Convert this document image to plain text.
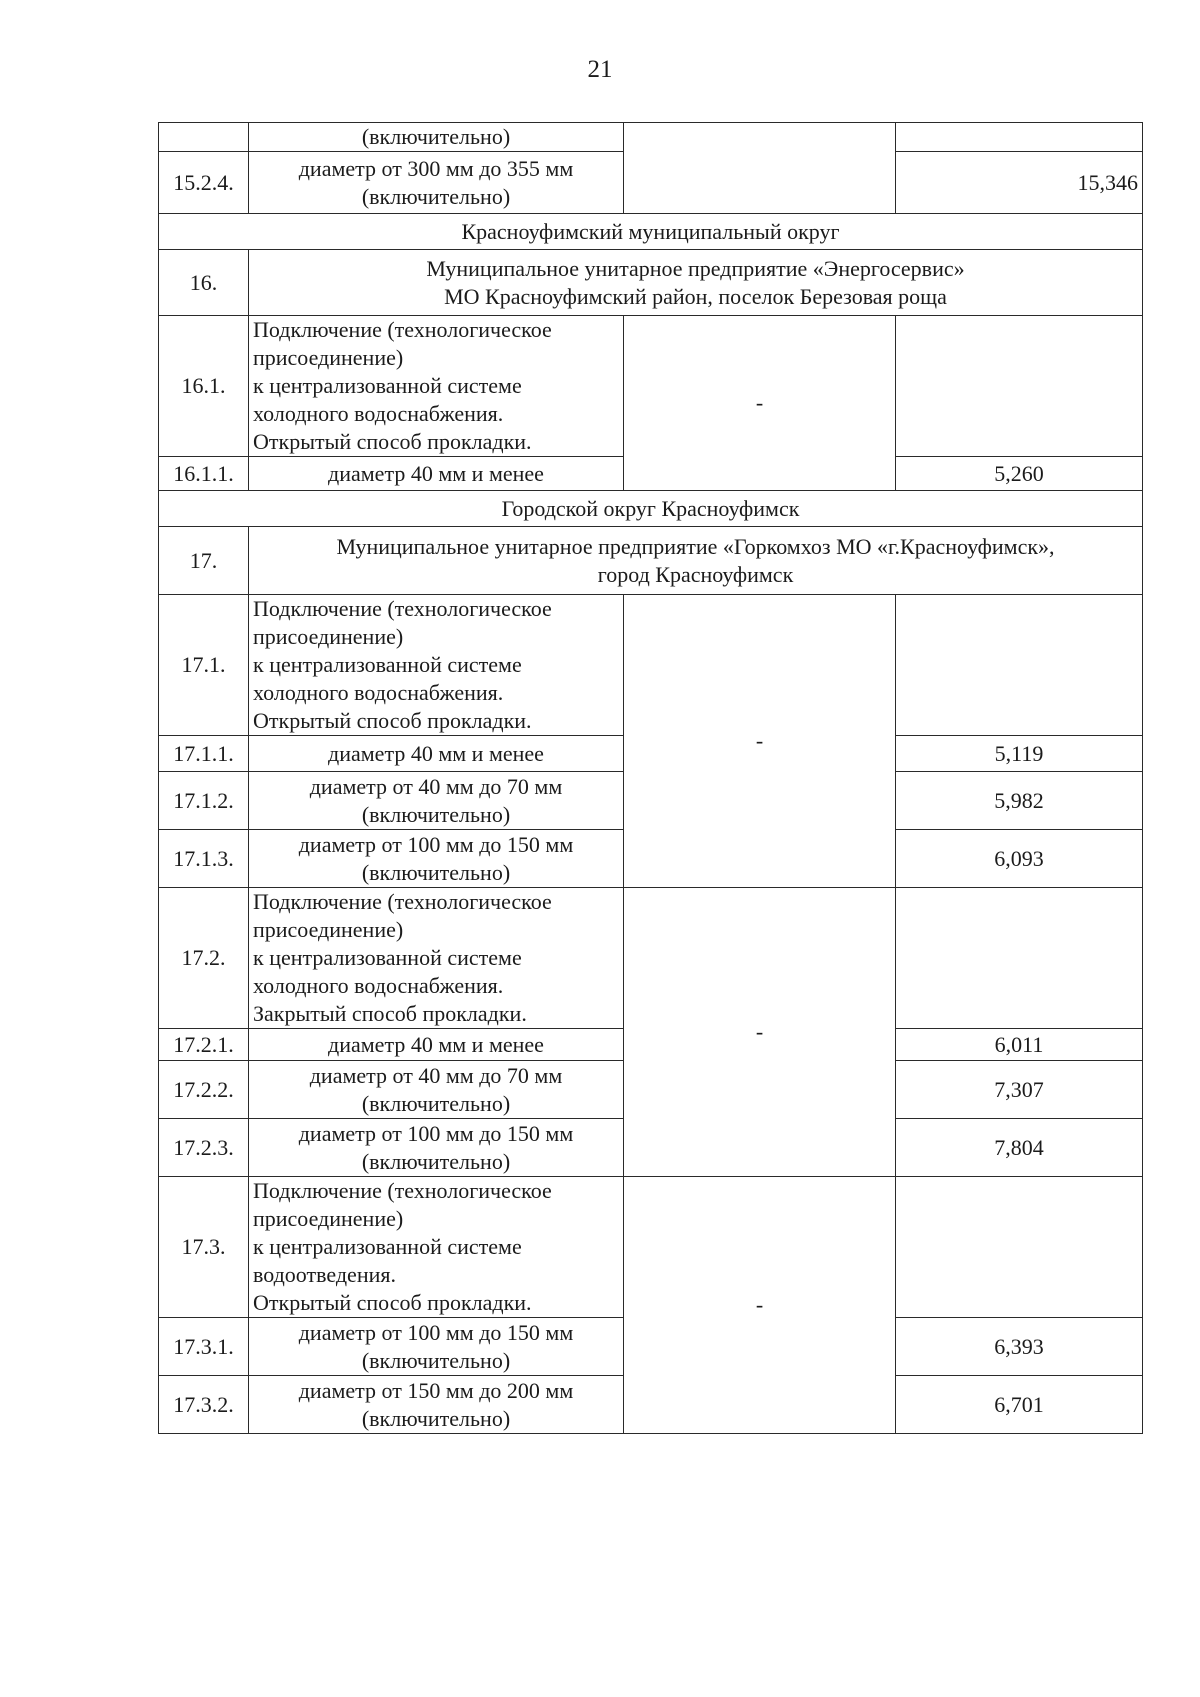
21
	(включительно)		
15.2.4.	диаметр от 300 мм до 355 мм
(включительно)		15,346
Красноуфимский муниципальный округ			
16.	Муниципальное унитарное предприятие «Энергосервис»
МО Красноуфимский район, поселок Березовая роща		

16.1.	Подключение (технологическое
присоединение)
к централизованной системе
холодного водоснабжения.
Открытый способ прокладки.	-	
16.1.1.	диаметр 40 мм и менее		5,260
Городской округ Красноуфимск			
17.	Муниципальное унитарное предприятие «Горкомхоз МО «г.Красноуфимск»,
город Красноуфимск		

17.1.	Подключение (технологическое
присоединение)
к централизованной системе
холодного водоснабжения.
Открытый способ прокладки.	-	
17.1.1.	диаметр 40 мм и менее		5,119
17.1.2.	диаметр от 40 мм до 70 мм
(включительно)		5,982
17.1.3.	диаметр от 100 мм до 150 мм
(включительно)		6,093
17.2.	Подключение (технологическое
присоединение)
к централизованной системе
холодного водоснабжения.
Закрытый способ прокладки.	-	
17.2.1.	диаметр 40 мм и менее		6,011
17.2.2.	диаметр от 40 мм до 70 мм
(включительно)		7,307
17.2.3.	диаметр от 100 мм до 150 мм
(включительно)		7,804
17.3.	Подключение (технологическое
присоединение)
к централизованной системе
водоотведения.
Открытый способ прокладки.	-	
17.3.1.	диаметр от 100 мм до 150 мм
(включительно)		6,393
17.3.2.	диаметр от 150 мм до 200 мм
(включительно)		6,701
